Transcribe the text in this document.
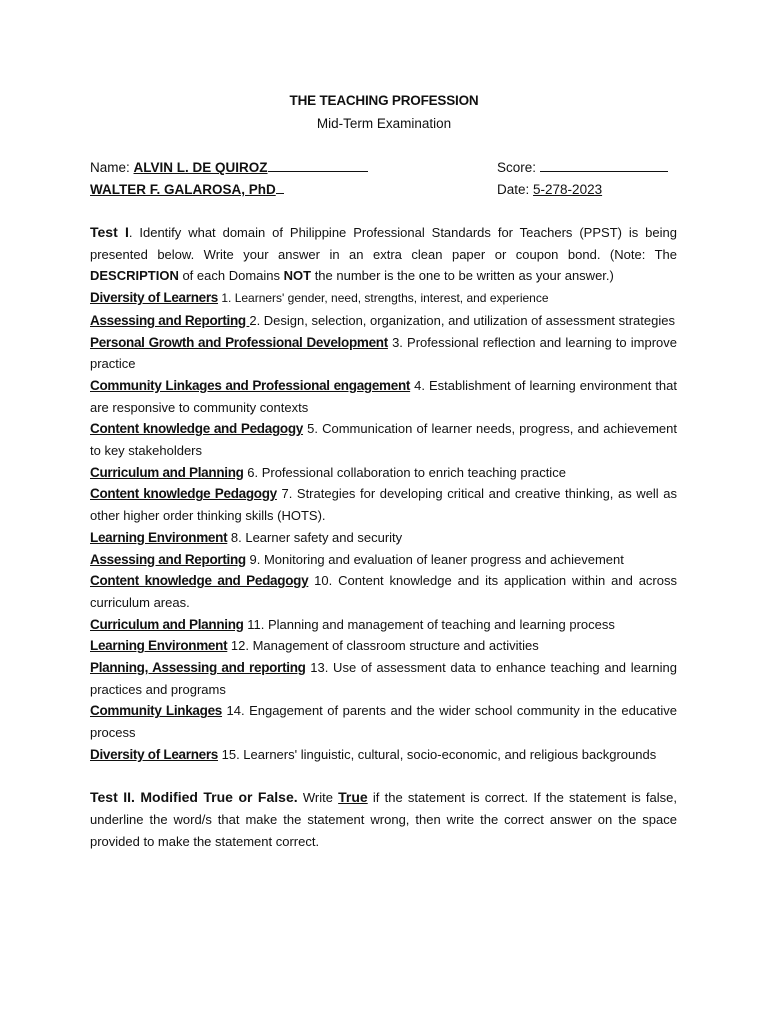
THE TEACHING PROFESSION
Mid-Term Examination
Name: ALVIN L. DE QUIROZ
WALTER F. GALAROSA, PhD
Score:
Date: 5-278-2023

Test I. Identify what domain of Philippine Professional Standards for Teachers (PPST) is being presented below. Write your answer in an extra clean paper or coupon bond. (Note: The DESCRIPTION of each Domains NOT the number is the one to be written as your answer.)

Diversity of Learners 1. Learners' gender, need, strengths, interest, and experience

Assessing and Reporting 2. Design, selection, organization, and utilization of assessment strategies

Personal Growth and Professional Development 3. Professional reflection and learning to improve practice

Community Linkages and Professional engagement 4. Establishment of learning environment that are responsive to community contexts

Content knowledge and Pedagogy 5. Communication of learner needs, progress, and achievement to key stakeholders

Curriculum and Planning 6. Professional collaboration to enrich teaching practice

Content knowledge Pedagogy 7. Strategies for developing critical and creative thinking, as well as other higher order thinking skills (HOTS).

Learning Environment 8. Learner safety and security

Assessing and Reporting 9. Monitoring and evaluation of leaner progress and achievement

Content knowledge and Pedagogy 10. Content knowledge and its application within and across curriculum areas.

Curriculum and Planning 11. Planning and management of teaching and learning process

Learning Environment 12. Management of classroom structure and activities

Planning, Assessing and reporting 13. Use of assessment data to enhance teaching and learning practices and programs

Community Linkages 14. Engagement of parents and the wider school community in the educative process

Diversity of Learners 15. Learners' linguistic, cultural, socio-economic, and religious backgrounds

Test II. Modified True or False. Write True if the statement is correct. If the statement is false, underline the word/s that make the statement wrong, then write the correct answer on the space provided to make the statement correct.
